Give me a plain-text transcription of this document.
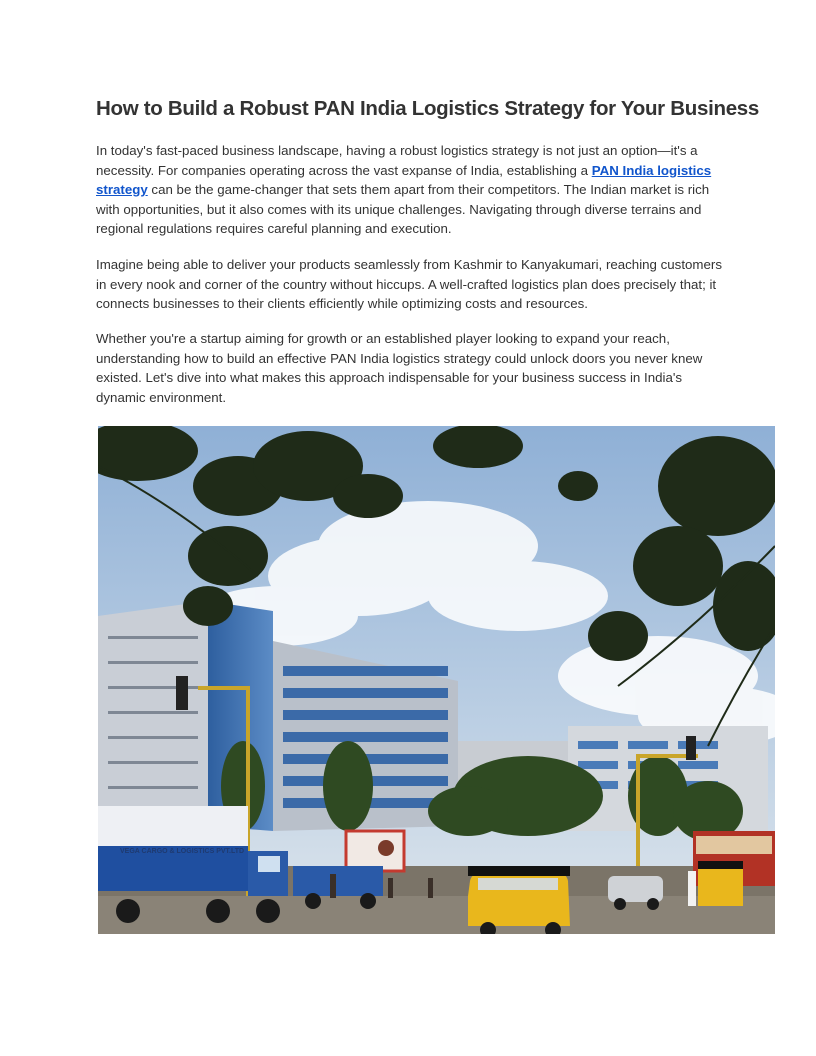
How to Build a Robust PAN India Logistics Strategy for Your Business

In today's fast-paced business landscape, having a robust logistics strategy is not just an option—it's a necessity. For companies operating across the vast expanse of India, establishing a PAN India logistics strategy can be the game-changer that sets them apart from their competitors. The Indian market is rich with opportunities, but it also comes with its unique challenges. Navigating through diverse terrains and regional regulations requires careful planning and execution.

Imagine being able to deliver your products seamlessly from Kashmir to Kanyakumari, reaching customers in every nook and corner of the country without hiccups. A well-crafted logistics plan does precisely that; it connects businesses to their clients efficiently while optimizing costs and resources.

Whether you're a startup aiming for growth or an established player looking to expand your reach, understanding how to build an effective PAN India logistics strategy could unlock doors you never knew existed. Let's dive into what makes this approach indispensable for your business success in India's dynamic environment.

VEGA CARGO & LOGISTICS PVT.LTD
